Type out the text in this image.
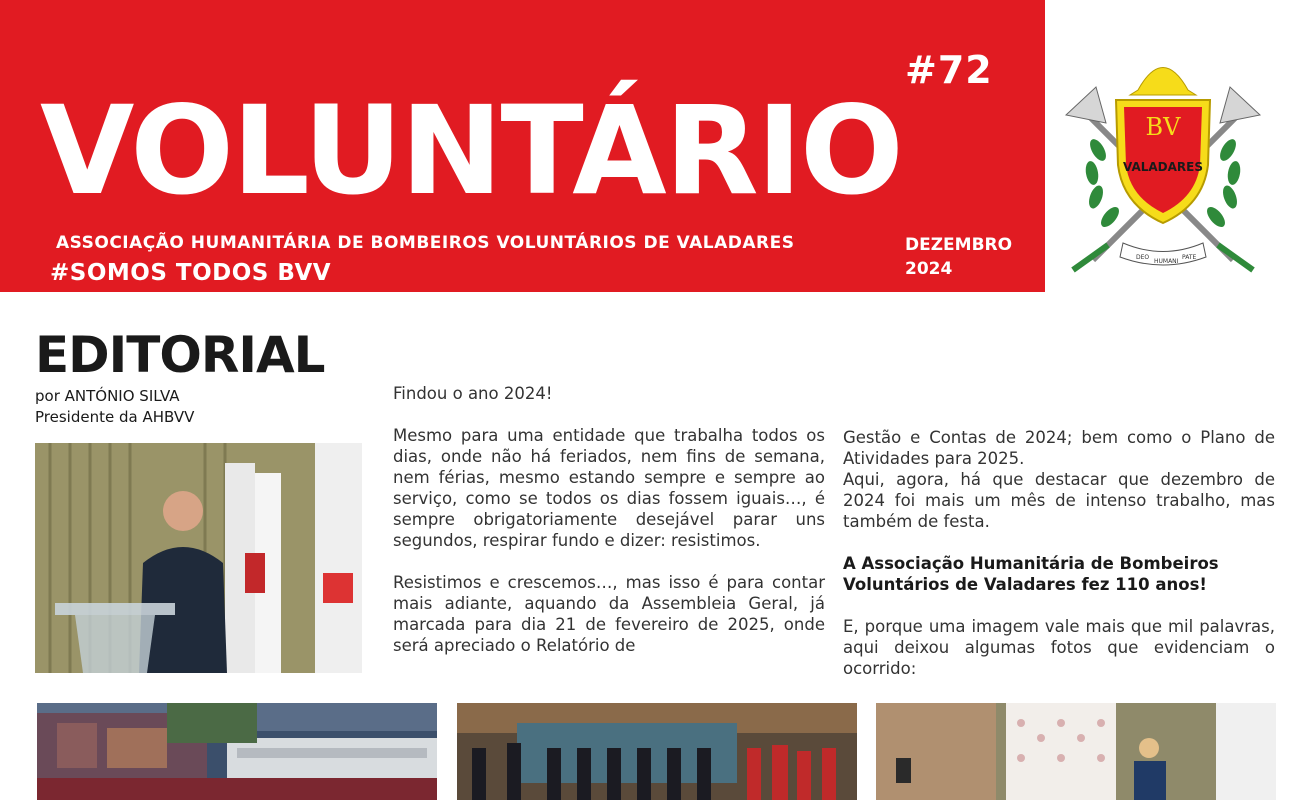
#72
VOLUNTÁRIO
ASSOCIAÇÃO HUMANITÁRIA DE BOMBEIROS VOLUNTÁRIOS DE VALADARES
#SOMOS TODOS BVV
DEZEMBRO
2024
BV
VALADARES
DEO
HUMANI
PATE
EDITORIAL
por ANTÓNIO SILVA
Presidente da AHBVV

Findou o ano 2024!

Mesmo para uma entidade que trabalha todos os dias, onde não há feriados, nem fins de semana, nem férias, mesmo estando sempre e sempre ao serviço, como se todos os dias fossem iguais…, é sempre obrigatoriamente desejável parar uns segundos, respirar fundo e dizer: resistimos.

Resistimos e crescemos…, mas isso é para contar mais adiante, aquando da Assembleia Geral, já marcada para dia 21 de fevereiro de 2025, onde será apreciado o Relatório de

Gestão e Contas de 2024; bem como o Plano de Atividades para 2025.

Aqui, agora, há que destacar que dezembro de 2024 foi mais um mês de intenso trabalho, mas também de festa.

A Associação Humanitária de Bombeiros Voluntários de Valadares fez 110 anos!

E, porque uma imagem vale mais que mil palavras, aqui deixou algumas fotos que evidenciam o ocorrido:
